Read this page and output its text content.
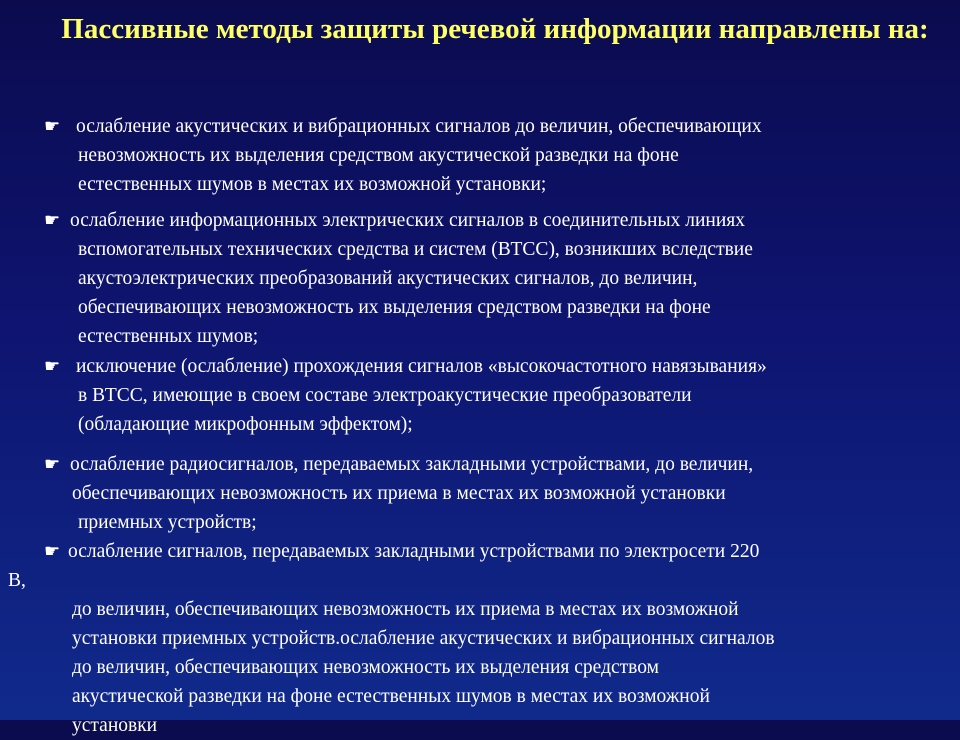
Пассивные методы защиты речевой информации направлены на:
☛ ослабление акустических и вибрационных сигналов до величин, обеспечивающих
невозможность их выделения средством акустической разведки на фоне
естественных шумов в местах их возможной установки;
☛ ослабление информационных электрических сигналов в соединительных линиях
вспомогательных технических средства и систем (ВТСС), возникших вследствие
акустоэлектрических преобразований акустических сигналов, до величин,
обеспечивающих невозможность их выделения средством разведки на фоне
естественных шумов;
☛ исключение (ослабление) прохождения сигналов «высокочастотного навязывания»
в ВТСС, имеющие в своем составе электроакустические преобразователи
(обладающие микрофонным эффектом);
☛ ослабление радиосигналов, передаваемых закладными устройствами, до величин,
обеспечивающих невозможность их приема в местах их возможной установки
приемных устройств;
☛ ослабление сигналов, передаваемых закладными устройствами по электросети 220
В,
до величин, обеспечивающих невозможность их приема в местах их возможной
установки приемных устройств.ослабление акустических и вибрационных сигналов
до величин, обеспечивающих невозможность их выделения средством
акустической разведки на фоне естественных шумов в местах их возможной
установки
